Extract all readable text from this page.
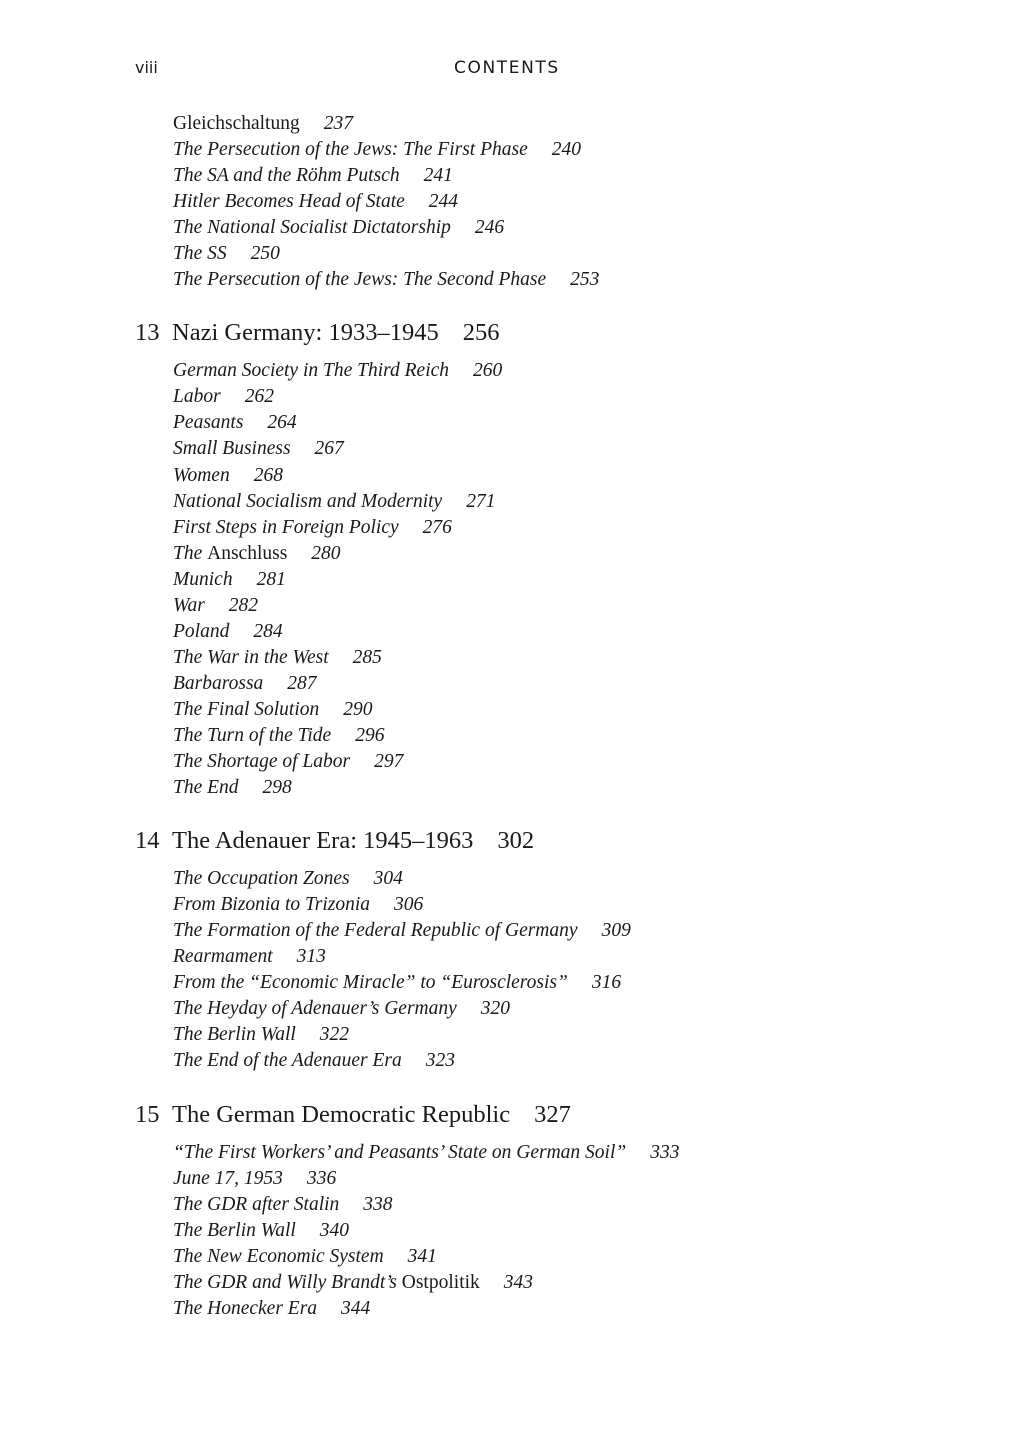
viii	CONTENTS
Gleichschaltung 237
The Persecution of the Jews: The First Phase 240
The SA and the Röhm Putsch 241
Hitler Becomes Head of State 244
The National Socialist Dictatorship 246
The SS 250
The Persecution of the Jews: The Second Phase 253
13 Nazi Germany: 1933–1945 256
German Society in The Third Reich 260
Labor 262
Peasants 264
Small Business 267
Women 268
National Socialism and Modernity 271
First Steps in Foreign Policy 276
The Anschluss 280
Munich 281
War 282
Poland 284
The War in the West 285
Barbarossa 287
The Final Solution 290
The Turn of the Tide 296
The Shortage of Labor 297
The End 298
14 The Adenauer Era: 1945–1963 302
The Occupation Zones 304
From Bizonia to Trizonia 306
The Formation of the Federal Republic of Germany 309
Rearmament 313
From the “Economic Miracle” to “Eurosclerosis” 316
The Heyday of Adenauer’s Germany 320
The Berlin Wall 322
The End of the Adenauer Era 323
15 The German Democratic Republic 327
“The First Workers’ and Peasants’ State on German Soil” 333
June 17, 1953 336
The GDR after Stalin 338
The Berlin Wall 340
The New Economic System 341
The GDR and Willy Brandt’s Ostpolitik 343
The Honecker Era 344
